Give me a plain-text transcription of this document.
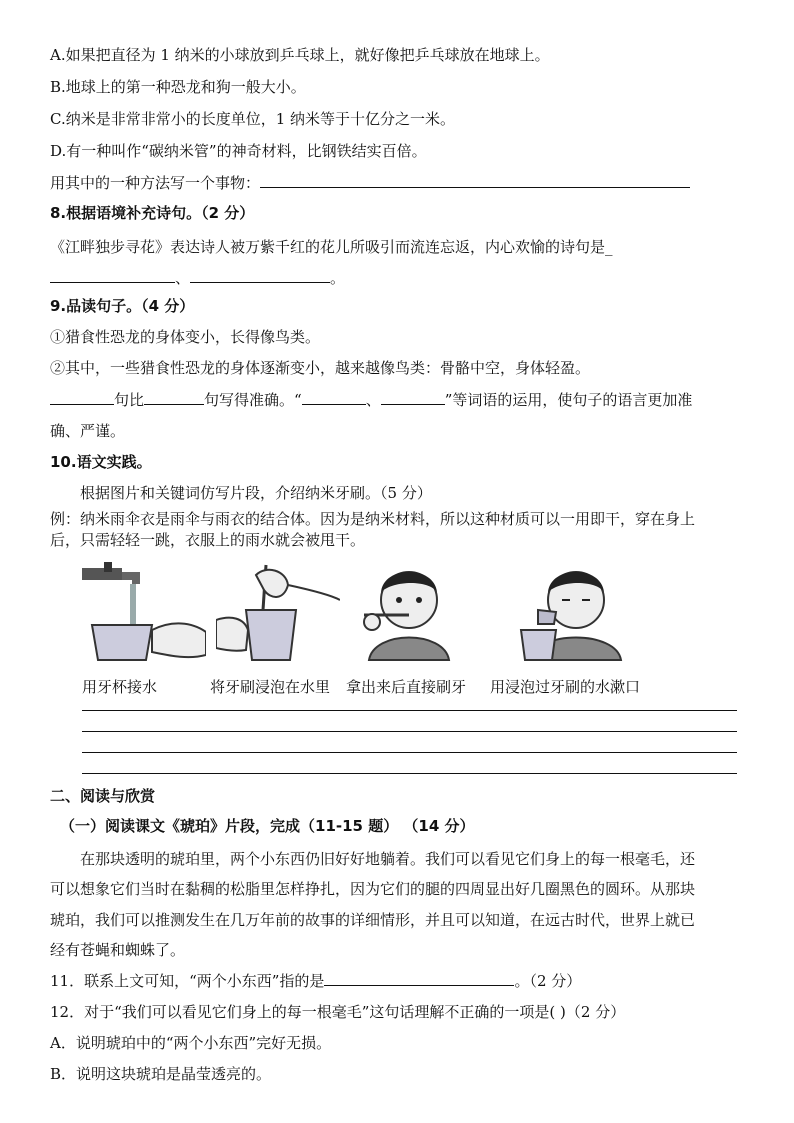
A.如果把直径为 1 纳米的小球放到乒乓球上，就好像把乒乓球放在地球上。
B.地球上的第一种恐龙和狗一般大小。
C.纳米是非常非常小的长度单位，1 纳米等于十亿分之一米。
D.有一种叫作“碳纳米管”的神奇材料，比钢铁结实百倍。
用其中的一种方法写一个事物：
8.根据语境补充诗句。（2 分）
《江畔独步寻花》表达诗人被万紫千红的花儿所吸引而流连忘返，内心欢愉的诗句是_
、	。
9.品读句子。（4 分）
①猎食性恐龙的身体变小，长得像鸟类。
②其中，一些猎食性恐龙的身体逐渐变小，越来越像鸟类：骨骼中空，身体轻盈。
句比	句写得准确。“	、	”等词语的运用，使句子的语言更加准
确、严谨。
10.语文实践。
根据图片和关键词仿写片段，介绍纳米牙刷。（5 分）
例：纳米雨伞衣是雨伞与雨衣的结合体。因为是纳米材料，所以这种材质可以一用即干，穿在身上
后，只需轻轻一跳，衣服上的雨水就会被甩干。
用牙杯接水	将牙刷浸泡在水里 拿出来后直接刷牙 用浸泡过牙刷的水漱口
二、阅读与欣赏
（一）阅读课文《琥珀》片段，完成（11-15 题） （14 分）
在那块透明的琥珀里，两个小东西仍旧好好地躺着。我们可以看见它们身上的每一根毫毛，还
可以想象它们当时在黏稠的松脂里怎样挣扎，因为它们的腿的四周显出好几圈黑色的圆环。从那块
琥珀，我们可以推测发生在几万年前的故事的详细情形，并且可以知道，在远古时代，世界上就已
经有苍蝇和蜘蛛了。
11．联系上文可知，“两个小东西”指的是	。（2 分）
12．对于“我们可以看见它们身上的每一根毫毛”这句话理解不正确的一项是( )（2 分）
A．说明琥珀中的“两个小东西”完好无损。
B．说明这块琥珀是晶莹透亮的。
